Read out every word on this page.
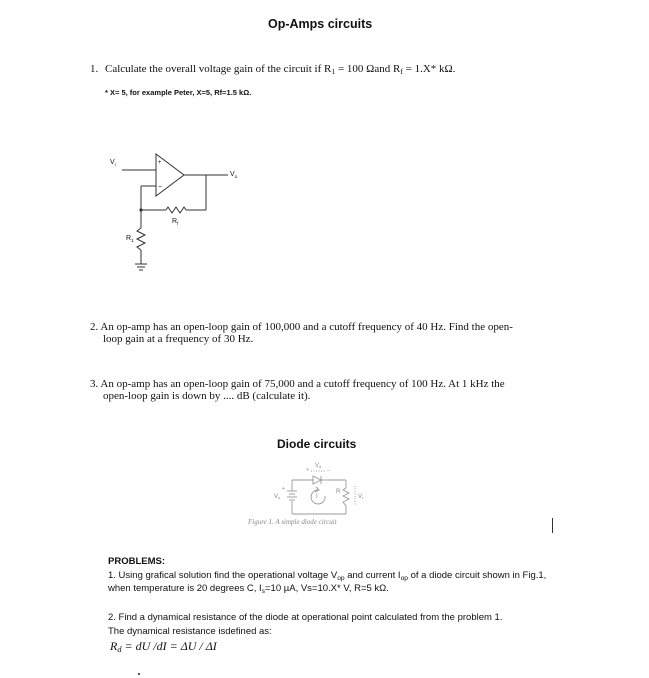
Op-Amps circuits
1. Calculate the overall voltage gain of the circuit if $R_1 = 100$ Ωand $R_f = 1.X*$ kΩ.
* X= 5, for example Peter, X=5, Rf=1.5 kΩ.
+
−
$V_i$
$V_o$
$R_f$
$R_1$
2. An op-amp has an open-loop gain of 100,000 and a cutoff frequency of 40 Hz. Find the open-
loop gain at a frequency of 30 Hz.
3. An op-amp has an open-loop gain of 75,000 and a cutoff frequency of 100 Hz. At 1 kHz the
open-loop gain is down by .... dB (calculate it).
Diode circuits
Vd
+	−
Vs
+	R
Vr
I
Figure 1. A simple diode circuit
PROBLEMS:
1. Using grafical solution find the operational voltage $V_{op}$ and current $I_{op}$ of a diode circuit shown in Fig.1,
when temperature is 20 degrees C, $I_s=10$ µA, Vs=10.X* V, R=5 kΩ.
2. Find a dynamical resistance of the diode at operational point calculated from the problem 1.
The dynamical resistance isdefined as:
$R_d$ = dU /dI = ΔU / ΔI
